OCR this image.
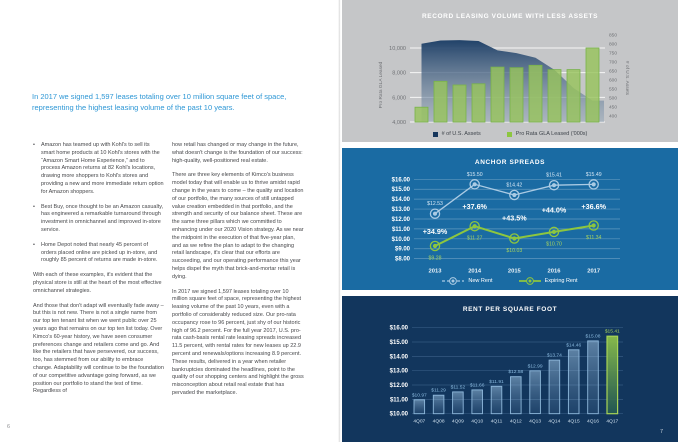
In 2017 we signed 1,597 leases totaling over 10 million square feet of space,
representing the highest leasing volume of the past 10 years.
• Amazon has teamed up with Kohl's to sell its smart home products at 10 Kohl's stores with the “Amazon Smart Home Experience,” and to process Amazon returns at 82 Kohl's locations, drawing more shoppers to Kohl's stores and providing a new and more immediate return option for Amazon shoppers.
• Best Buy, once thought to be an Amazon casualty, has engineered a remarkable turnaround through investment in omnichannel and improved in-store service.
• Home Depot noted that nearly 45 percent of orders placed online are picked up in-store, and roughly 85 percent of returns are made in-store.

With each of these examples, it's evident that the physical store is still at the heart of the most effective omnichannel strategies.

And those that don't adapt will eventually fade away – but this is not new. There is not a single name from our top ten tenant list when we went public over 25 years ago that remains on our top ten list today. Over Kimco's 60-year history, we have seen consumer preferences change and retailers come and go. And like the retailers that have persevered, our success, too, has stemmed from our ability to embrace change. Adaptability will continue to be the foundation of our competitive advantage going forward, as we position our portfolio to stand the test of time. Regardless of

how retail has changed or may change in the future, what doesn't change is the foundation of our success: high-quality, well-positioned real estate.

There are three key elements of Kimco's business model today that will enable us to thrive amidst rapid change in the years to come – the quality and location of our portfolio, the many sources of still untapped value creation embedded in that portfolio, and the strength and security of our balance sheet. These are the same three pillars which we committed to enhancing under our 2020 Vision strategy. As we near the midpoint in the execution of that five-year plan, and as we refine the plan to adapt to the changing retail landscape, it's clear that our efforts are succeeding, and our operating performance this year helps dispel the myth that brick-and-mortar retail is dying.

In 2017 we signed 1,597 leases totaling over 10 million square feet of space, representing the highest leasing volume of the past 10 years, even with a portfolio of considerably reduced size. Our pro-rata occupancy rose to 96 percent, just shy of our historic high of 96.2 percent. For the full year 2017, U.S. pro-rata cash-basis rental rate leasing spreads increased 11.5 percent, with rental rates for new leases up 22.9 percent and renewals/options increasing 8.9 percent. These results, delivered in a year when retailer bankruptcies dominated the headlines, point to the quality of our shopping centers and highlight the gross misconception about retail real estate that has pervaded the marketplace.

6
RECORD LEASING VOLUME WITH LESS ASSETS
10,000
8,000
6,000
4,000
850
800
750
700
650
600
550
500
450
400
Pro Rata GLA Leased	# of U.S. Assets
# of U.S. Assets	Pro Rata GLA Leased ('000s)
ANCHOR SPREADS
$16.00
$15.00
$14.00
$13.00
$12.00
$11.00
$10.00
$9.00
$8.00
2013	2014	2015	2016	2017
$12.53
$15.50
$14.42
$15.41	$15.49
$9.28
$11.27
$10.03
$10.70
$11.34
+34.9%
+37.6%
+43.5%
+44.0% +36.6%
New Rent	Expiring Rent
RENT PER SQUARE FOOT
$16.00
$15.00
$14.00
$13.00
$12.00
$11.00
$10.00
$10.97
4Q07
$11.29
4Q08
$11.52
4Q09
$11.66
4Q10
$11.91
4Q11
$12.58
4Q12
$12.99
4Q13
$13.74
4Q14
$14.46
4Q15
$15.08
4Q16
$15.41
4Q17
7
